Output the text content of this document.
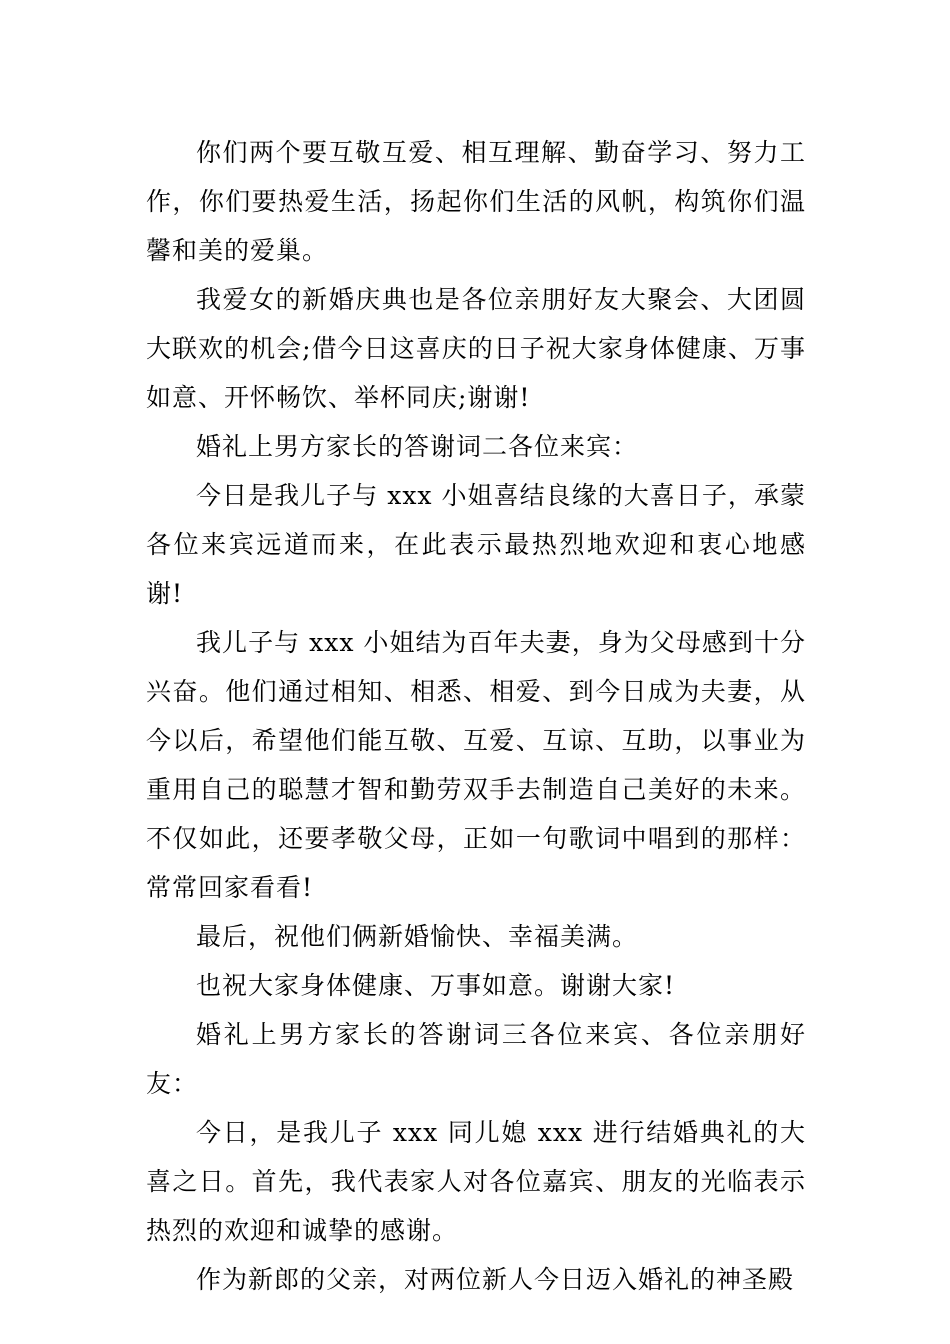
你们两个要互敬互爱、相互理解、勤奋学习、努力工作，你们要热爱生活，扬起你们生活的风帆，构筑你们温馨和美的爱巢。

我爱女的新婚庆典也是各位亲朋好友大聚会、大团圆大联欢的机会;借今日这喜庆的日子祝大家身体健康、万事如意、开怀畅饮、举杯同庆;谢谢!

婚礼上男方家长的答谢词二各位来宾：

今日是我儿子与 xxx 小姐喜结良缘的大喜日子，承蒙各位来宾远道而来，在此表示最热烈地欢迎和衷心地感谢!

我儿子与 xxx 小姐结为百年夫妻，身为父母感到十分兴奋。他们通过相知、相悉、相爱、到今日成为夫妻，从今以后，希望他们能互敬、互爱、互谅、互助，以事业为重用自己的聪慧才智和勤劳双手去制造自己美好的未来。不仅如此，还要孝敬父母，正如一句歌词中唱到的那样：常常回家看看!

最后，祝他们俩新婚愉快、幸福美满。

也祝大家身体健康、万事如意。谢谢大家!

婚礼上男方家长的答谢词三各位来宾、各位亲朋好友：

今日，是我儿子 xxx 同儿媳 xxx 进行结婚典礼的大喜之日。首先，我代表家人对各位嘉宾、朋友的光临表示热烈的欢迎和诚挚的感谢。

作为新郎的父亲，对两位新人今日迈入婚礼的神圣殿
